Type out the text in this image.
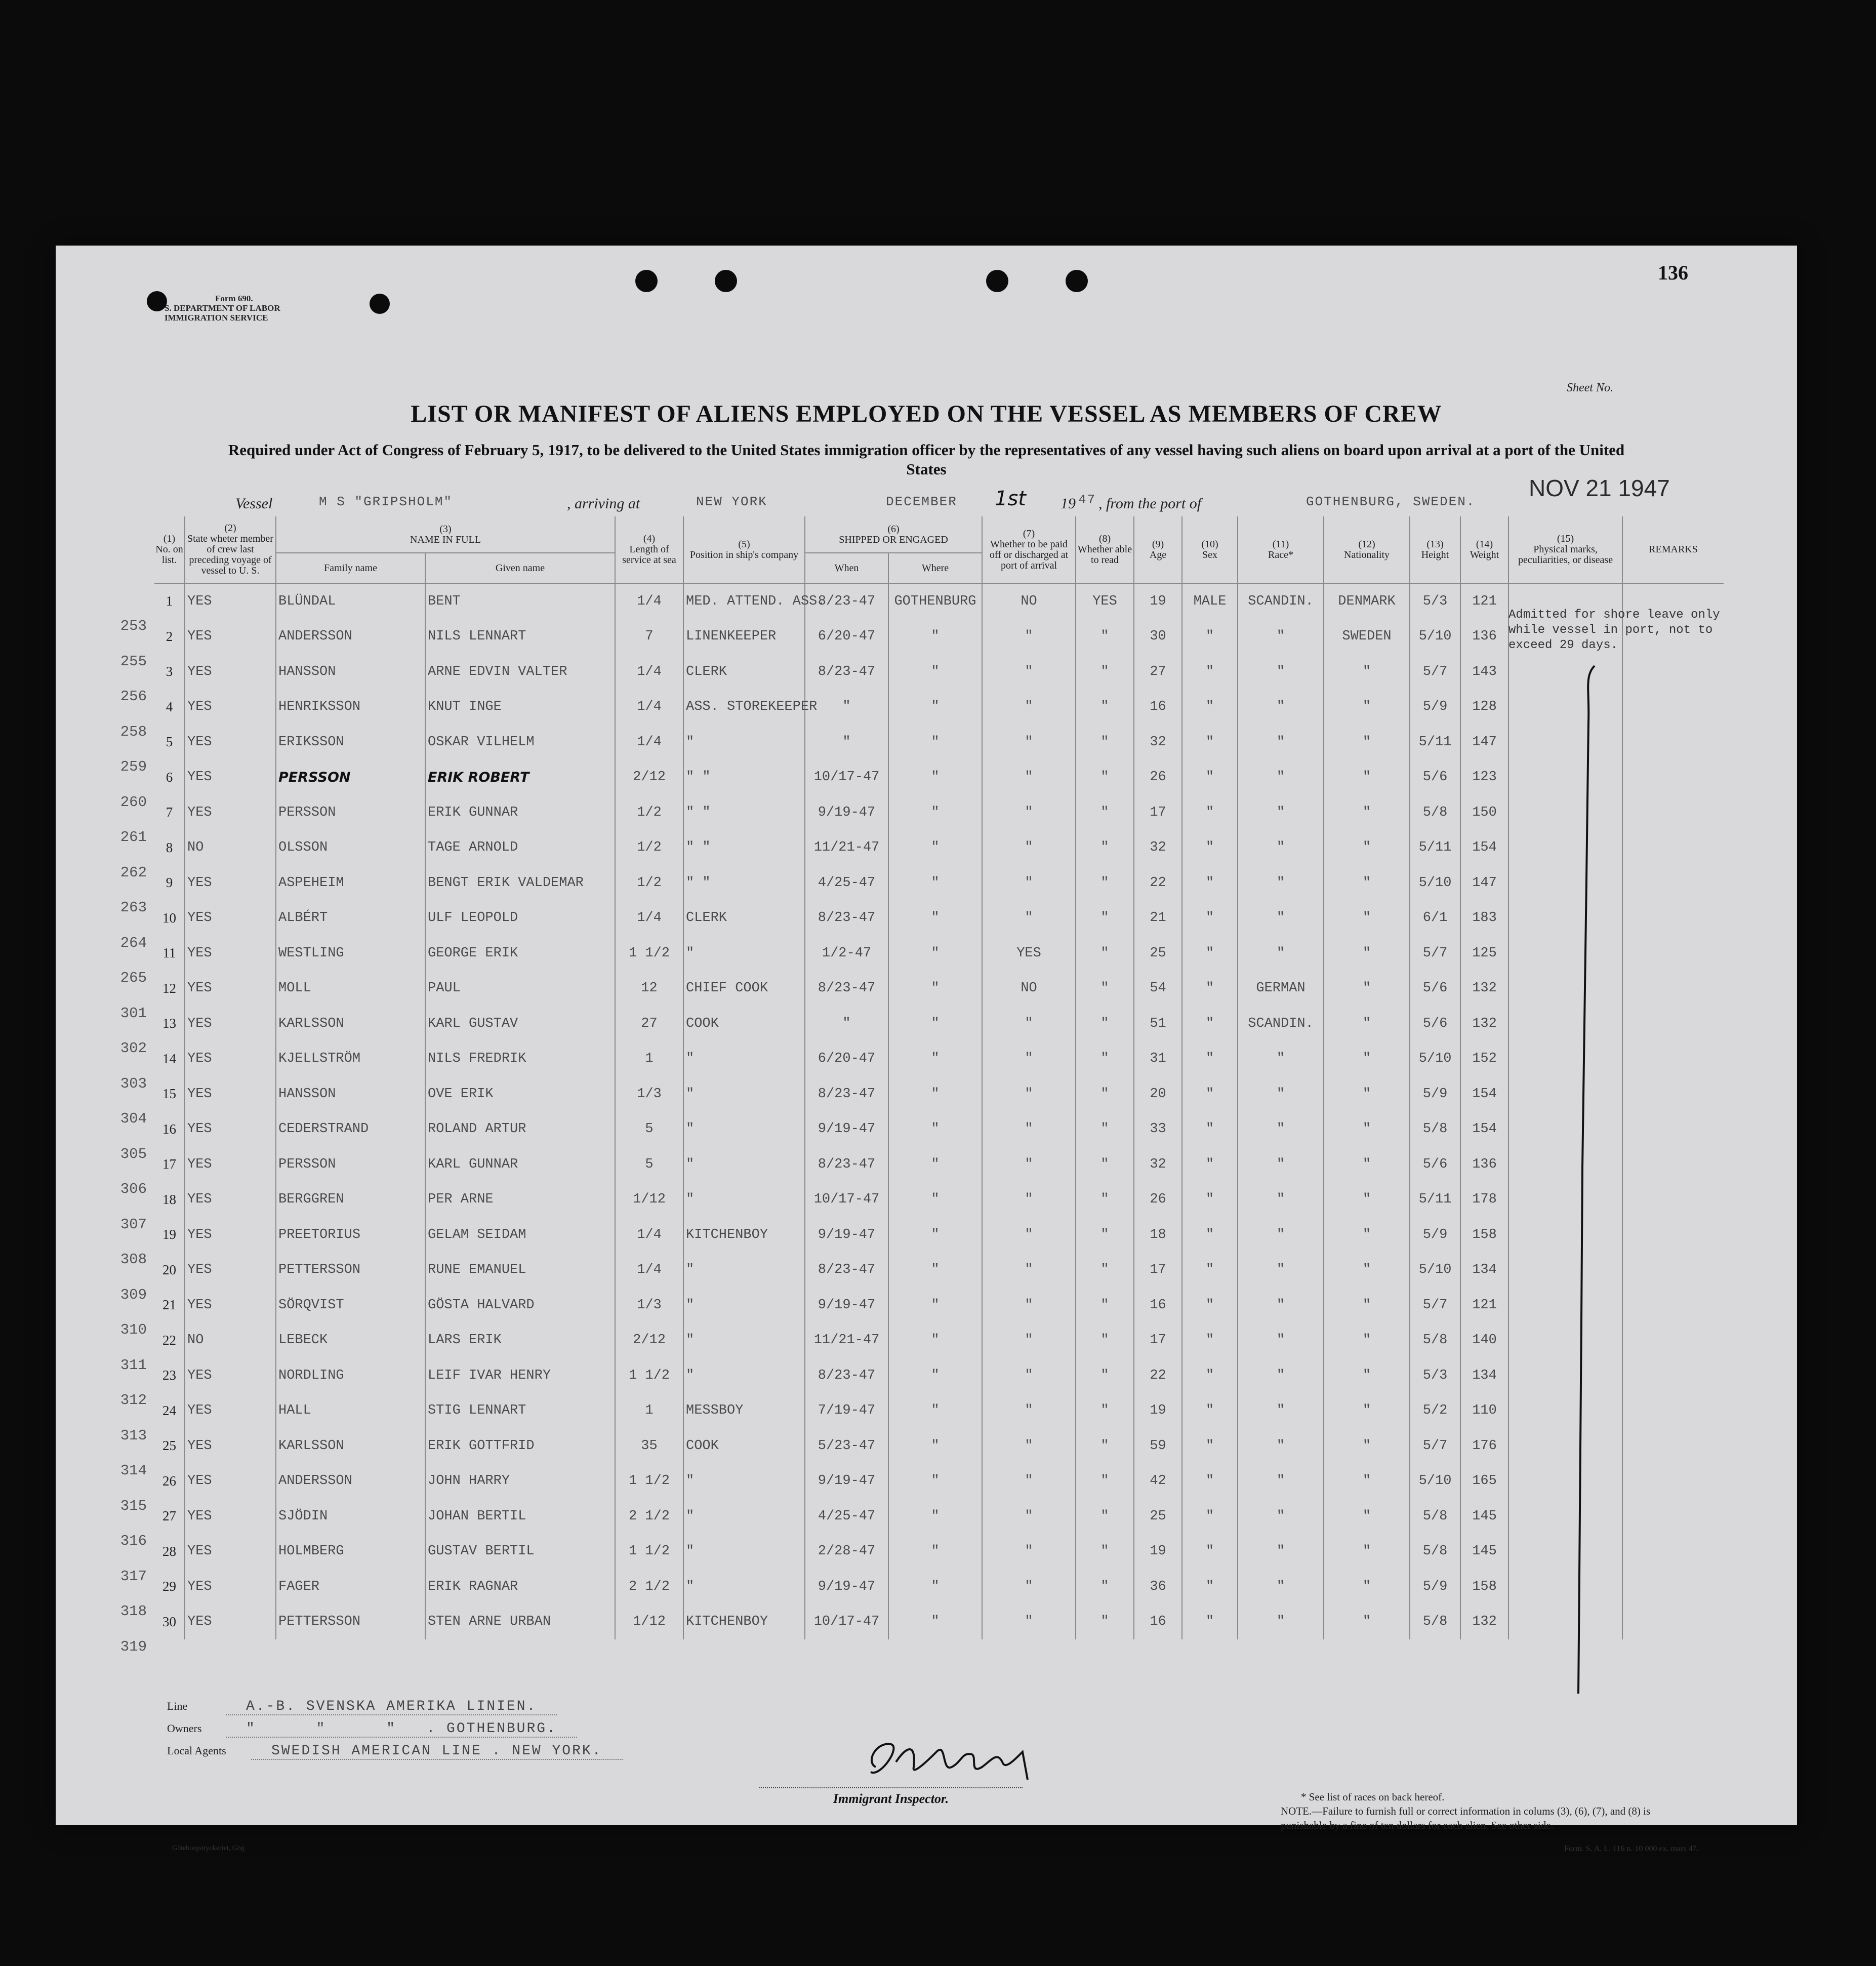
Form 690.
S. DEPARTMENT OF LABOR
IMMIGRATION SERVICE
136
Sheet No.
LIST OR MANIFEST OF ALIENS EMPLOYED ON THE VESSEL AS MEMBERS OF CREW
Required under Act of Congress of February 5, 1917, to be delivered to the United States immigration officer by the representatives of any vessel having such aliens on board upon arrival at a port of the United States
Vessel	M S "GRIPSHOLM"	, arriving at	NEW YORK	DECEMBER 1st 19 47 , from the port of	GOTHENBURG, SWEDEN.
NOV 21 1947
(1)
No. on list.	(2)
State wheter member of crew last preceding voyage of vessel to U. S.	(3)
NAME IN FULL		(4)
Length of service at sea	(5)
Position in ship's company	(6)
SHIPPED OR ENGAGED		(7)
Whether to be paid off or discharged at port of arrival	(8)
Whether able to read	(9)
Age	(10)
Sex	(11)
Race*	(12)
Nationality	(13)
Height	(14)
Weight	(15)
Physical marks, peculiarities, or disease	REMARKS
		Family name	Given name			When	Where										
1	YES	BLÜNDAL	BENT	1/4	MED. ATTEND. ASS.	8/23-47	GOTHENBURG	NO	YES	19	MALE	SCANDIN.	DENMARK	5/3	121		
2	YES	ANDERSSON	NILS LENNART	7	LINENKEEPER	6/20-47	"	"	"	30	"	"	SWEDEN	5/10	136		
3	YES	HANSSON	ARNE EDVIN VALTER	1/4	CLERK	8/23-47	"	"	"	27	"	"	"	5/7	143		
4	YES	HENRIKSSON	KNUT INGE	1/4	ASS. STOREKEEPER	"	"	"	"	16	"	"	"	5/9	128		
5	YES	ERIKSSON	OSKAR VILHELM	1/4	"	"	"	"	"	32	"	"	"	5/11	147		
6	YES	PERSSON	ERIK ROBERT	2/12	" "	10/17-47	"	"	"	26	"	"	"	5/6	123		
7	YES	PERSSON	ERIK GUNNAR	1/2	" "	9/19-47	"	"	"	17	"	"	"	5/8	150		
8	NO	OLSSON	TAGE ARNOLD	1/2	" "	11/21-47	"	"	"	32	"	"	"	5/11	154		
9	YES	ASPEHEIM	BENGT ERIK VALDEMAR	1/2	" "	4/25-47	"	"	"	22	"	"	"	5/10	147		
10	YES	ALBÉRT	ULF LEOPOLD	1/4	CLERK	8/23-47	"	"	"	21	"	"	"	6/1	183		
11	YES	WESTLING	GEORGE ERIK	1 1/2	"	1/2-47	"	YES	"	25	"	"	"	5/7	125		
12	YES	MOLL	PAUL	12	CHIEF COOK	8/23-47	"	NO	"	54	"	GERMAN	"	5/6	132		
13	YES	KARLSSON	KARL GUSTAV	27	COOK	"	"	"	"	51	"	SCANDIN.	"	5/6	132		
14	YES	KJELLSTRÖM	NILS FREDRIK	1	"	6/20-47	"	"	"	31	"	"	"	5/10	152		
15	YES	HANSSON	OVE ERIK	1/3	"	8/23-47	"	"	"	20	"	"	"	5/9	154		
16	YES	CEDERSTRAND	ROLAND ARTUR	5	"	9/19-47	"	"	"	33	"	"	"	5/8	154		
17	YES	PERSSON	KARL GUNNAR	5	"	8/23-47	"	"	"	32	"	"	"	5/6	136		
18	YES	BERGGREN	PER ARNE	1/12	"	10/17-47	"	"	"	26	"	"	"	5/11	178		
19	YES	PREETORIUS	GELAM SEIDAM	1/4	KITCHENBOY	9/19-47	"	"	"	18	"	"	"	5/9	158		
20	YES	PETTERSSON	RUNE EMANUEL	1/4	"	8/23-47	"	"	"	17	"	"	"	5/10	134		
21	YES	SÖRQVIST	GÖSTA HALVARD	1/3	"	9/19-47	"	"	"	16	"	"	"	5/7	121		
22	NO	LEBECK	LARS ERIK	2/12	"	11/21-47	"	"	"	17	"	"	"	5/8	140		
23	YES	NORDLING	LEIF IVAR HENRY	1 1/2	"	8/23-47	"	"	"	22	"	"	"	5/3	134		
24	YES	HALL	STIG LENNART	1	MESSBOY	7/19-47	"	"	"	19	"	"	"	5/2	110		
25	YES	KARLSSON	ERIK GOTTFRID	35	COOK	5/23-47	"	"	"	59	"	"	"	5/7	176		
26	YES	ANDERSSON	JOHN HARRY	1 1/2	"	9/19-47	"	"	"	42	"	"	"	5/10	165		
27	YES	SJÖDIN	JOHAN BERTIL	2 1/2	"	4/25-47	"	"	"	25	"	"	"	5/8	145		
28	YES	HOLMBERG	GUSTAV BERTIL	1 1/2	"	2/28-47	"	"	"	19	"	"	"	5/8	145		
29	YES	FAGER	ERIK RAGNAR	2 1/2	"	9/19-47	"	"	"	36	"	"	"	5/9	158		
30	YES	PETTERSSON	STEN ARNE URBAN	1/12	KITCHENBOY	10/17-47	"	"	"	16	"	"	"	5/8	132		
253
255
256
258
259
260
261
262
263
264
265
301
302
303
304
305
306
307
308
309
310
311
312
313
314
315
316
317
318
319
Admitted for shore leave only while vessel in port, not to exceed 29 days.
Line	A.-B. SVENSKA AMERIKA LINIEN.
Owners	"      "      "   . GOTHENBURG.
Local Agents	SWEDISH AMERICAN LINE . NEW YORK.
Immigrant Inspector.	* See list of races on back hereof.
NOTE.—Failure to furnish full or correct information in colums (3), (6), (7), and (8) is punishable by a fine of ten dollars for each alien. See other side.
Form. S. A. L. 116 n. 10 000 ex. mars 47.
Göteborgstryckeriet, Gbg.
